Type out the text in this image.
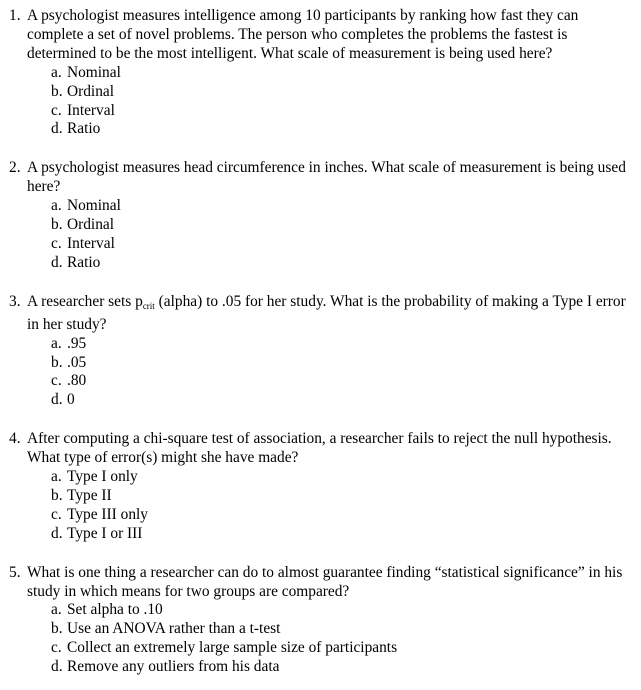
1. A psychologist measures intelligence among 10 participants by ranking how fast they can complete a set of novel problems. The person who completes the problems the fastest is determined to be the most intelligent. What scale of measurement is being used here?
a. Nominal
b. Ordinal
c. Interval
d. Ratio
2. A psychologist measures head circumference in inches. What scale of measurement is being used here?
a. Nominal
b. Ordinal
c. Interval
d. Ratio
3. A researcher sets $p_{crit}$ (alpha) to .05 for her study. What is the probability of making a Type I error in her study?
a. .95
b. .05
c. .80
d. 0
4. After computing a chi-square test of association, a researcher fails to reject the null hypothesis. What type of error(s) might she have made?
a. Type I only
b. Type II
c. Type III only
d. Type I or III
5. What is one thing a researcher can do to almost guarantee finding “statistical significance” in his study in which means for two groups are compared?
a. Set alpha to .10
b. Use an ANOVA rather than a t-test
c. Collect an extremely large sample size of participants
d. Remove any outliers from his data
